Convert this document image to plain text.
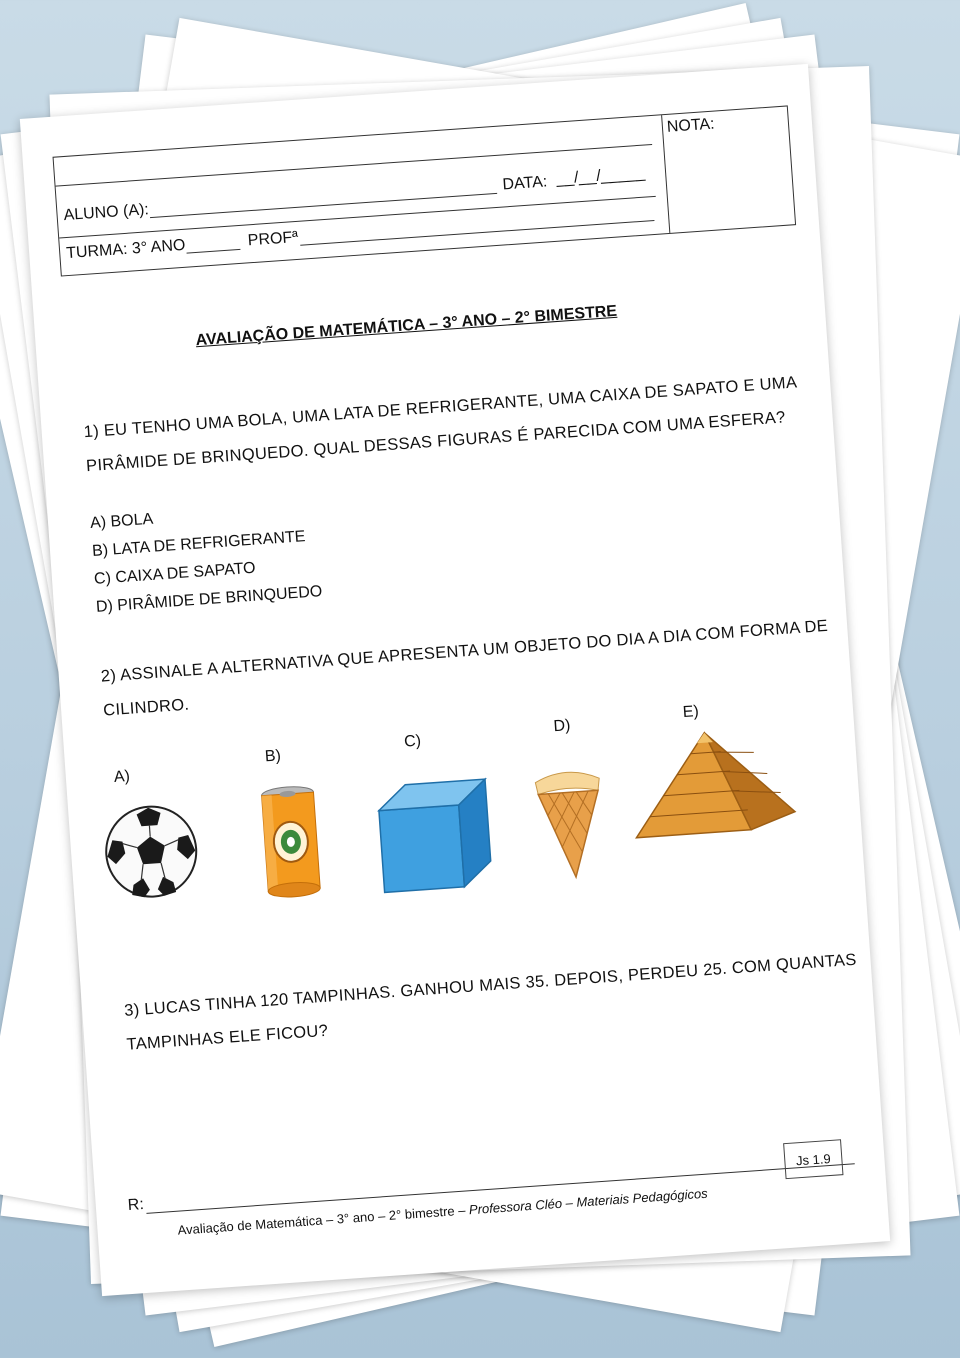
NOTA:
ALUNO (A):
DATA: __/__/_____
TURMA: 3° ANO	PROFª
AVALIAÇÃO DE MATEMÁTICA – 3° ANO – 2° BIMESTRE
1) EU TENHO UMA BOLA, UMA LATA DE REFRIGERANTE, UMA CAIXA DE SAPATO E UMA PIRÂMIDE DE BRINQUEDO. QUAL DESSAS FIGURAS É PARECIDA COM UMA ESFERA?
A) BOLA
B) LATA DE REFRIGERANTE
C) CAIXA DE SAPATO
D) PIRÂMIDE DE BRINQUEDO
2) ASSINALE A ALTERNATIVA QUE APRESENTA UM OBJETO DO DIA A DIA COM FORMA DE CILINDRO.
A)
B)
C)
D)
E)
3) LUCAS TINHA 120 TAMPINHAS. GANHOU MAIS 35. DEPOIS, PERDEU 25. COM QUANTAS TAMPINHAS ELE FICOU?
R:	Avaliação de Matemática – 3° ano – 2° bimestre – Professora Cléo – Materiais Pedagógicos
Js 1.9
